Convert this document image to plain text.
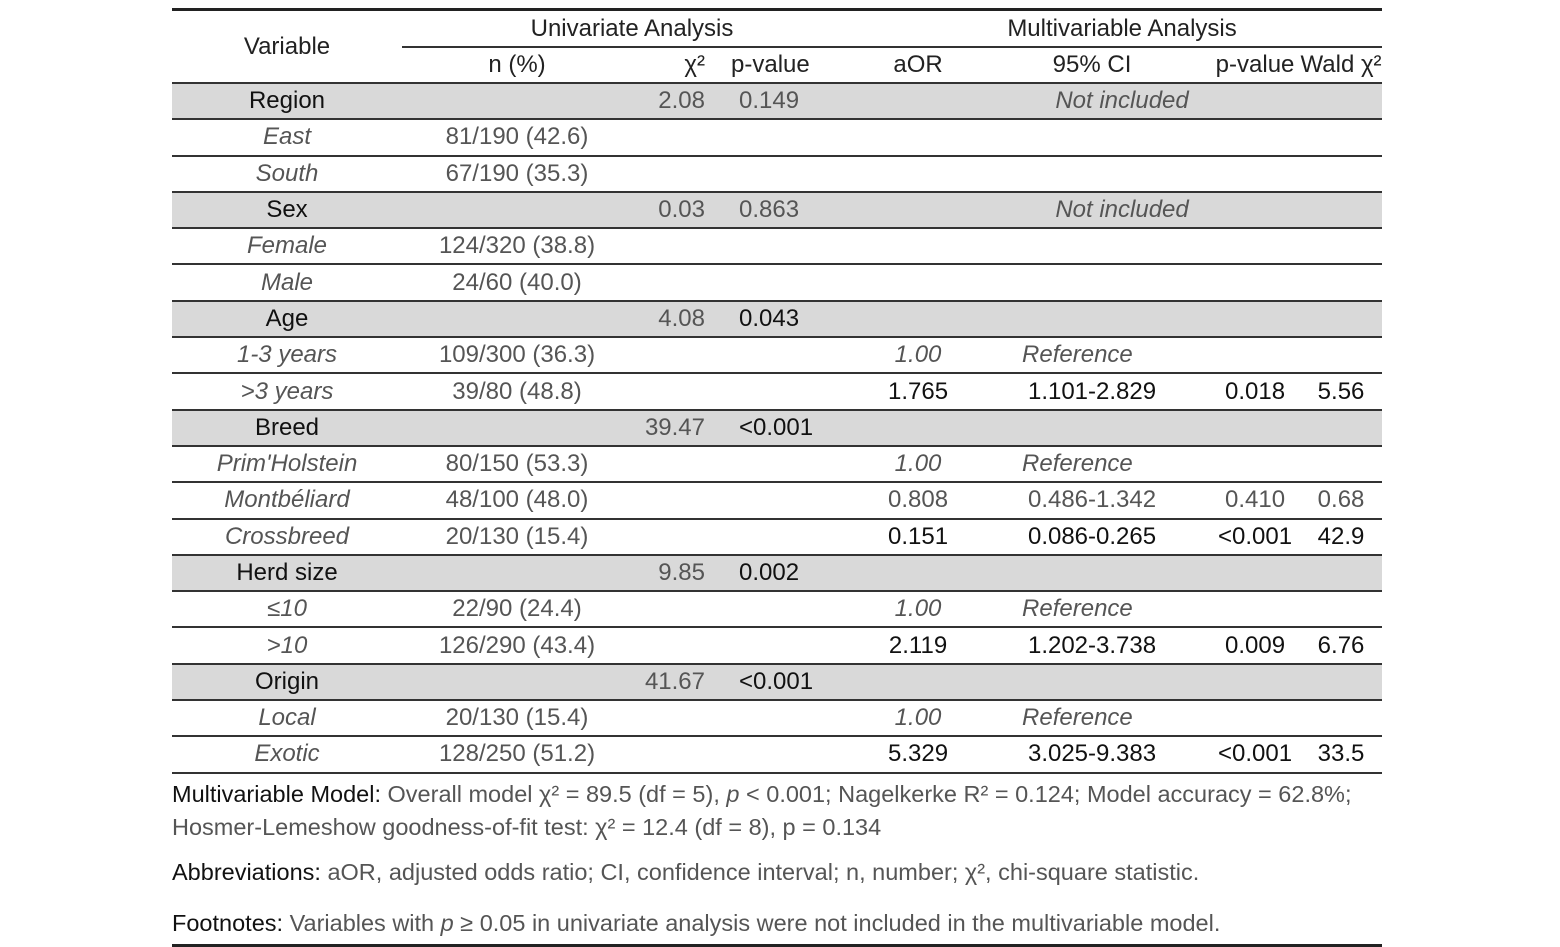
Variable	Univariate Analysis			Multivariable Analysis			
	n (%)	χ²	p-value	aOR	95% CI	p-value	Wald χ²
Region		2.08	0.149	Not included			
East	81/190 (42.6)						
South	67/190 (35.3)						
Sex		0.03	0.863	Not included			
Female	124/320 (38.8)						
Male	24/60 (40.0)						
Age		4.08	0.043				
1-3 years	109/300 (36.3)			1.00	Reference		
>3 years	39/80 (48.8)			1.765	1.101-2.829	0.018	5.56
Breed		39.47	<0.001				
Prim'Holstein	80/150 (53.3)			1.00	Reference		
Montbéliard	48/100 (48.0)			0.808	0.486-1.342	0.410	0.68
Crossbreed	20/130 (15.4)			0.151	0.086-0.265	<0.001	42.9
Herd size		9.85	0.002				
≤10	22/90 (24.4)			1.00	Reference		
>10	126/290 (43.4)			2.119	1.202-3.738	0.009	6.76
Origin		41.67	<0.001				
Local	20/130 (15.4)			1.00	Reference		
Exotic	128/250 (51.2)			5.329	3.025-9.383	<0.001	33.5
Multivariable Model: Overall model χ² = 89.5 (df = 5), p < 0.001; Nagelkerke R² = 0.124; Model accuracy = 62.8%; Hosmer-Lemeshow goodness-of-fit test: χ² = 12.4 (df = 8), p = 0.134
Abbreviations: aOR, adjusted odds ratio; CI, confidence interval; n, number; χ², chi-square statistic.
Footnotes: Variables with p ≥ 0.05 in univariate analysis were not included in the multivariable model.
